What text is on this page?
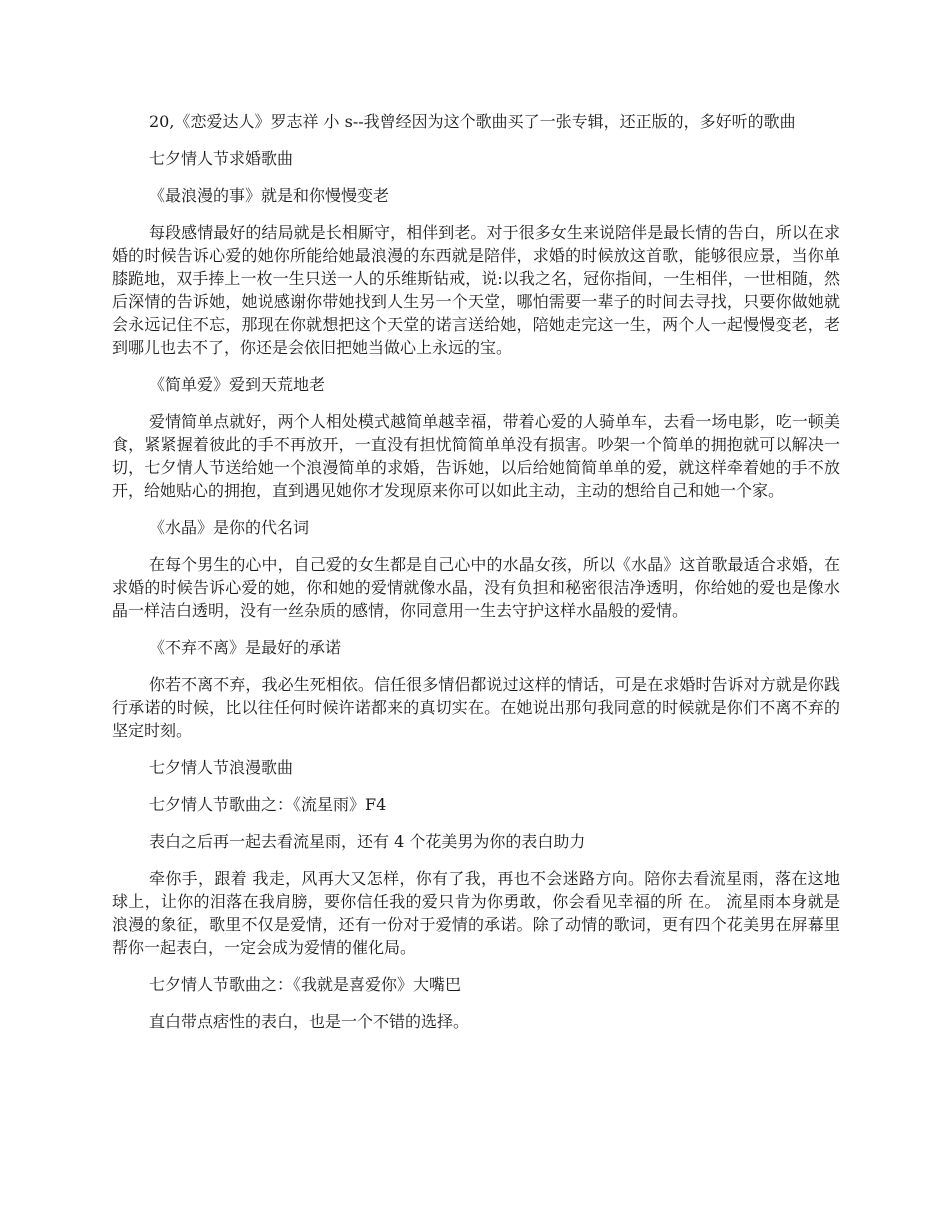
20,《恋爱达人》罗志祥 小 s--我曾经因为这个歌曲买了一张专辑，还正版的，多好听的歌曲

七夕情人节求婚歌曲

《最浪漫的事》就是和你慢慢变老

每段感情最好的结局就是长相厮守，相伴到老。对于很多女生来说陪伴是最长情的告白，所以在求婚的时候告诉心爱的她你所能给她最浪漫的东西就是陪伴，求婚的时候放这首歌，能够很应景，当你单膝跪地，双手捧上一枚一生只送一人的乐维斯钻戒，说:以我之名，冠你指间，一生相伴，一世相随，然后深情的告诉她，她说感谢你带她找到人生另一个天堂，哪怕需要一辈子的时间去寻找，只要你做她就会永远记住不忘，那现在你就想把这个天堂的诺言送给她，陪她走完这一生，两个人一起慢慢变老，老到哪儿也去不了，你还是会依旧把她当做心上永远的宝。

《简单爱》爱到天荒地老

爱情简单点就好，两个人相处模式越简单越幸福，带着心爱的人骑单车，去看一场电影，吃一顿美食，紧紧握着彼此的手不再放开，一直没有担忧简简单单没有损害。吵架一个简单的拥抱就可以解决一切，七夕情人节送给她一个浪漫简单的求婚，告诉她，以后给她简简单单的爱，就这样牵着她的手不放开，给她贴心的拥抱，直到遇见她你才发现原来你可以如此主动，主动的想给自己和她一个家。

《水晶》是你的代名词

在每个男生的心中，自己爱的女生都是自己心中的水晶女孩，所以《水晶》这首歌最适合求婚，在求婚的时候告诉心爱的她，你和她的爱情就像水晶，没有负担和秘密很洁净透明，你给她的爱也是像水晶一样洁白透明，没有一丝杂质的感情，你同意用一生去守护这样水晶般的爱情。

《不弃不离》是最好的承诺

你若不离不弃，我必生死相依。信任很多情侣都说过这样的情话，可是在求婚时告诉对方就是你践行承诺的时候，比以往任何时候许诺都来的真切实在。在她说出那句我同意的时候就是你们不离不弃的坚定时刻。

七夕情人节浪漫歌曲

七夕情人节歌曲之：《流星雨》F4

表白之后再一起去看流星雨，还有 4 个花美男为你的表白助力

牵你手，跟着 我走，风再大又怎样，你有了我，再也不会迷路方向。陪你去看流星雨，落在这地球上，让你的泪落在我肩膀，要你信任我的爱只肯为你勇敢，你会看见幸福的所 在。 流星雨本身就是浪漫的象征，歌里不仅是爱情，还有一份对于爱情的承诺。除了动情的歌词，更有四个花美男在屏幕里帮你一起表白，一定会成为爱情的催化局。

七夕情人节歌曲之：《我就是喜爱你》大嘴巴

直白带点痞性的表白，也是一个不错的选择。
